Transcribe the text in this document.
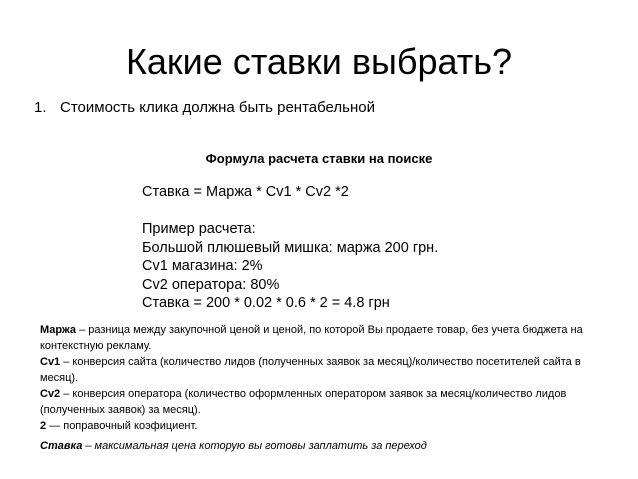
Какие ставки выбрать?
1. Стоимость клика должна быть рентабельной
Формула расчета ставки на поиске
Ставка = Маржа * Cv1 * Cv2 *2
Пример расчета:
Большой плюшевый мишка: маржа 200 грн.
Cv1 магазина: 2%
Cv2 оператора: 80%
Ставка = 200 * 0.02 * 0.6 * 2 = 4.8 грн

Маржа – разница между закупочной ценой и ценой, по которой Вы продаете товар, без учета бюджета на контекстную рекламу.

Cv1 – конверсия сайта (количество лидов (полученных заявок за месяц)/количество посетителей сайта в месяц).

Cv2 – конверсия оператора (количество оформленных оператором заявок за месяц/количество лидов (полученных заявок) за месяц).

2 — поправочный коэфициент.

Ставка – максимальная цена которую вы готовы заплатить за переход
